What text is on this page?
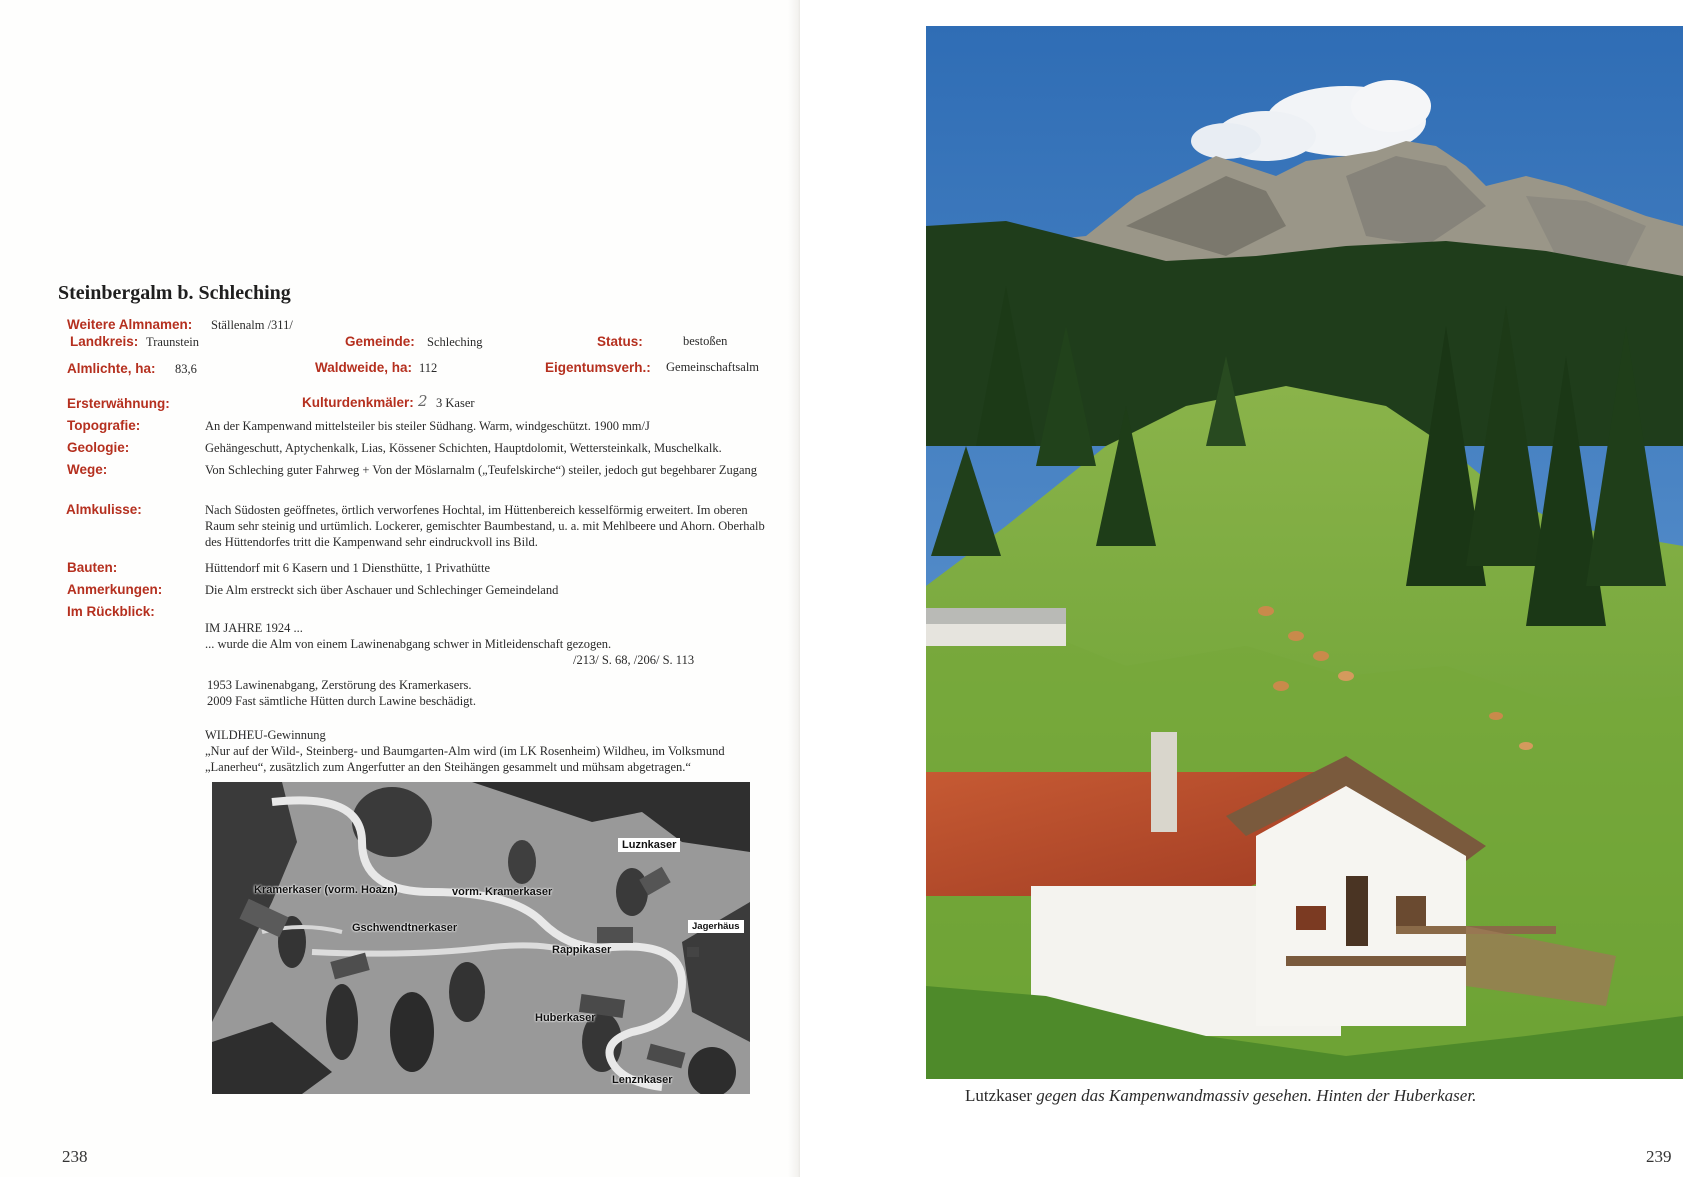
Steinbergalm b. Schleching
Weitere Almnamen: Ställenalm /311/
Landkreis: Traunstein	Gemeinde: Schleching	Status:	bestoßen
Almlichte, ha: 83,6	Waldweide, ha: 112	Eigentumsverh.: Gemeinschaftsalm
Ersterwähnung:	Kulturdenkmäler: 2 3 Kaser
Topografie:	An der Kampenwand mittelsteiler bis steiler Südhang. Warm, windgeschützt. 1900 mm/J
Geologie:	Gehängeschutt, Aptychenkalk, Lias, Kössener Schichten, Hauptdolomit, Wettersteinkalk, Muschelkalk.
Wege:	Von Schleching guter Fahrweg + Von der Möslarnalm („Teufelskirche“) steiler, jedoch gut begehbarer Zugang
Almkulisse:	Nach Südosten geöffnetes, örtlich verworfenes Hochtal, im Hüttenbereich kesselförmig erweitert. Im oberen Raum sehr steinig und urtümlich. Lockerer, gemischter Baumbestand, u. a. mit Mehlbeere und Ahorn. Oberhalb des Hüttendorfes tritt die Kampenwand sehr eindruckvoll ins Bild.
Bauten:	Hüttendorf mit 6 Kasern und 1 Diensthütte, 1 Privathütte
Anmerkungen:	Die Alm erstreckt sich über Aschauer und Schlechinger Gemeindeland
Im Rückblick:

IM JAHRE 1924 ...

... wurde die Alm von einem Lawinenabgang schwer in Mitleidenschaft gezogen.

/213/ S. 68, /206/ S. 113

1953 Lawinenabgang, Zerstörung des Kramerkasers.

2009 Fast sämtliche Hütten durch Lawine beschädigt.

WILDHEU-Gewinnung

„Nur auf der Wild-, Steinberg- und Baumgarten-Alm wird (im LK Rosenheim) Wildheu, im Volksmund

„Lanerheu“, zusätzlich zum Angerfutter an den Steihängen gesammelt und mühsam abgetragen.“

Luznkaser
Kramerkaser (vorm. Hoazn)	vorm. Kramerkaser
Gschwendtnerkaser	Jagerhäus
Rappikaser
Huberkaser
Lenznkaser
238
Lutzkaser gegen das Kampenwandmassiv gesehen. Hinten der Huberkaser.
239
